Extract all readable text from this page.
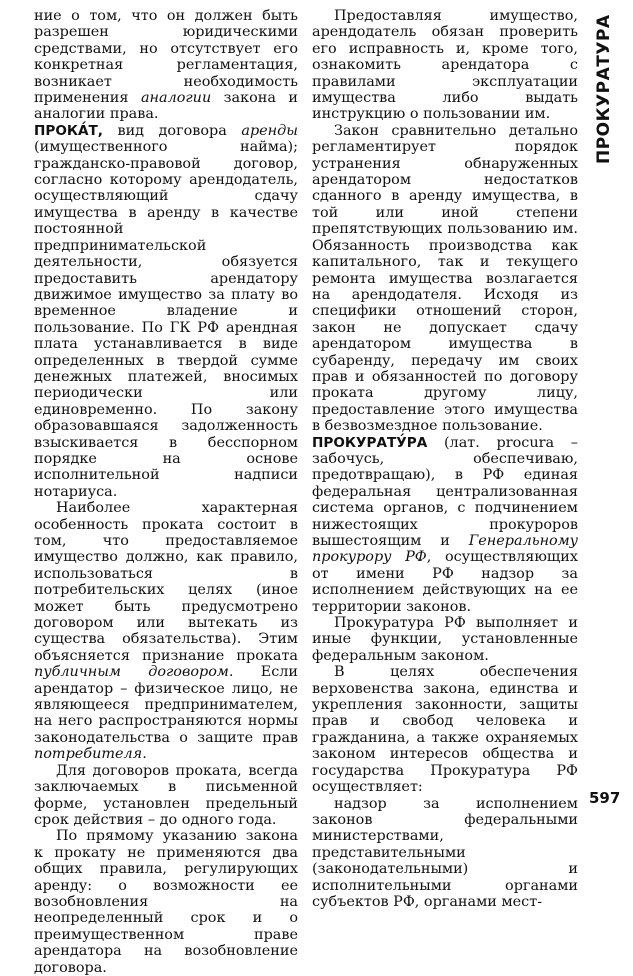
ние о том, что он должен быть разрешен юридическими средствами, но отсутствует его конкретная регламентация, возникает необходимость применения аналогии закона и аналогии права.

ПРОКА́Т, вид договора аренды (имущественного найма); гражданско-правовой договор, согласно которому арендодатель, осуществляющий сдачу имущества в аренду в качестве постоянной предпринимательской деятельности, обязуется предоставить арендатору движимое имущество за плату во временное владение и пользование. По ГК РФ арендная плата устанавливается в виде определенных в твердой сумме денежных платежей, вносимых периодически или единовременно. По закону образовавшаяся задолженность взыскивается в бесспорном порядке на основе исполнительной надписи нотариуса.

Наиболее характерная особенность проката состоит в том, что предоставляемое имущество должно, как правило, использоваться в потребительских целях (иное может быть предусмотрено договором или вытекать из существа обязательства). Этим объясняется признание проката публичным договором. Если арендатор – физическое лицо, не являющееся предпринимателем, на него распространяются нормы законодательства о защите прав потребителя.

Для договоров проката, всегда заключаемых в письменной форме, установлен предельный срок действия – до одного года.

По прямому указанию закона к прокату не применяются два общих правила, регулирующих аренду: о возможности ее возобновления на неопределенный срок и о преимущественном праве арендатора на возобновление договора.

Предоставляя имущество, арендодатель обязан проверить его исправность и, кроме того, ознакомить арендатора с правилами эксплуатации имущества либо выдать инструкцию о пользовании им.

Закон сравнительно детально регламентирует порядок устранения обнаруженных арендатором недостатков сданного в аренду имущества, в той или иной степени препятствующих пользованию им. Обязанность производства как капитального, так и текущего ремонта имущества возлагается на арендодателя. Исходя из специфики отношений сторон, закон не допускает сдачу арендатором имущества в субаренду, передачу им своих прав и обязанностей по договору проката другому лицу, предоставление этого имущества в безвозмездное пользование.

ПРОКУРАТУ́РА (лат. procura – забочусь, обеспечиваю, предотвращаю), в РФ единая федеральная централизованная система органов, с подчинением нижестоящих прокуроров вышестоящим и Генеральному прокурору РФ, осуществляющих от имени РФ надзор за исполнением действующих на ее территории законов.

Прокуратура РФ выполняет и иные функции, установленные федеральным законом.

В целях обеспечения верховенства закона, единства и укрепления законности, защиты прав и свобод человека и гражданина, а также охраняемых законом интересов общества и государства Прокуратура РФ осуществляет:

надзор за исполнением законов федеральными министерствами, представительными (законодательными) и исполнительными органами субъектов РФ, органами мест-

ПРОКУРАТУРА
597
